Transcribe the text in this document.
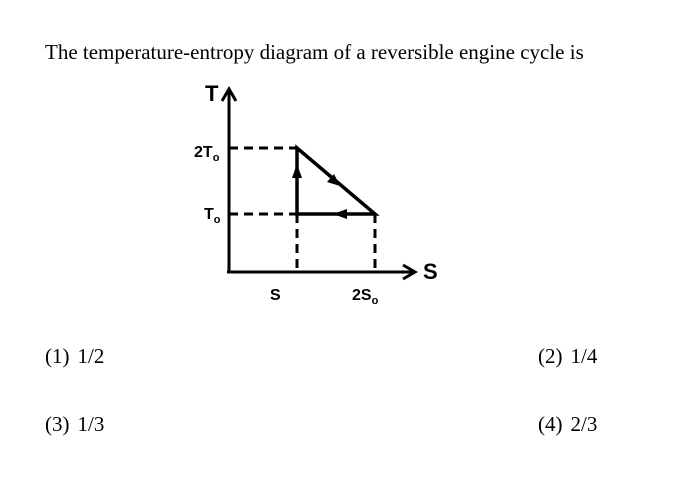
The temperature-entropy diagram of a reversible engine cycle is
T
S
$2T_o$
$T_o$
S	$2S_o$
(1) 1/2	(2) 1/4
(3) 1/3	(4) 2/3
